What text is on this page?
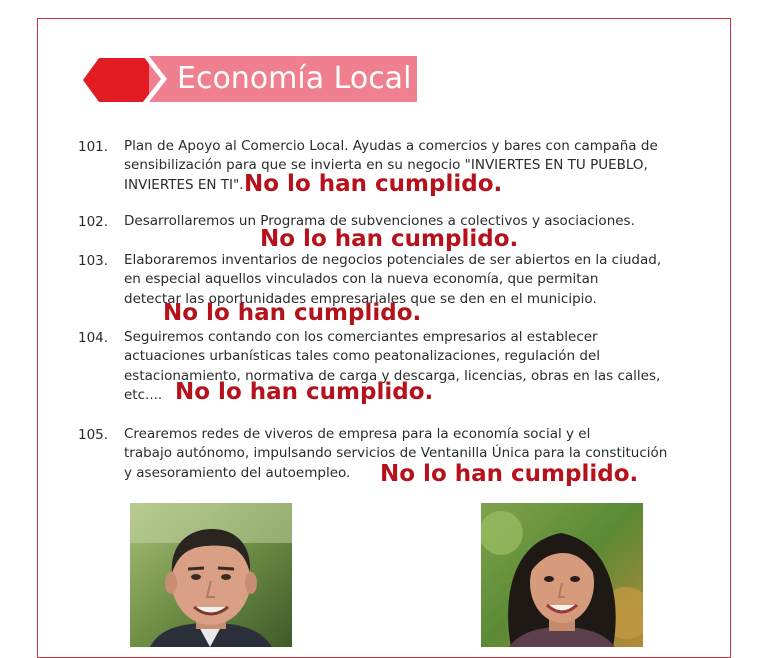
Economía Local
101. Plan de Apoyo al Comercio Local. Ayudas a comercios y bares con campaña de
sensibilización para que se invierta en su negocio "INVIERTES EN TU PUEBLO,
INVIERTES EN TI". No lo han cumplido.
102. Desarrollaremos un Programa de subvenciones a colectivos y asociaciones.
No lo han cumplido.
103. Elaboraremos inventarios de negocios potenciales de ser abiertos en la ciudad,
en especial aquellos vinculados con la nueva economía, que permitan
detectar las oportunidades empresariales que se den en el municipio.
No lo han cumplido.
104. Seguiremos contando con los comerciantes empresarios al establecer
actuaciones urbanísticas tales como peatonalizaciones, regulación del
estacionamiento, normativa de carga y descarga, licencias, obras en las calles,
etc.... No lo han cumplido.
105. Crearemos redes de viveros de empresa para la economía social y el
trabajo autónomo, impulsando servicios de Ventanilla Única para la constitución
y asesoramiento del autoempleo.	No lo han cumplido.
